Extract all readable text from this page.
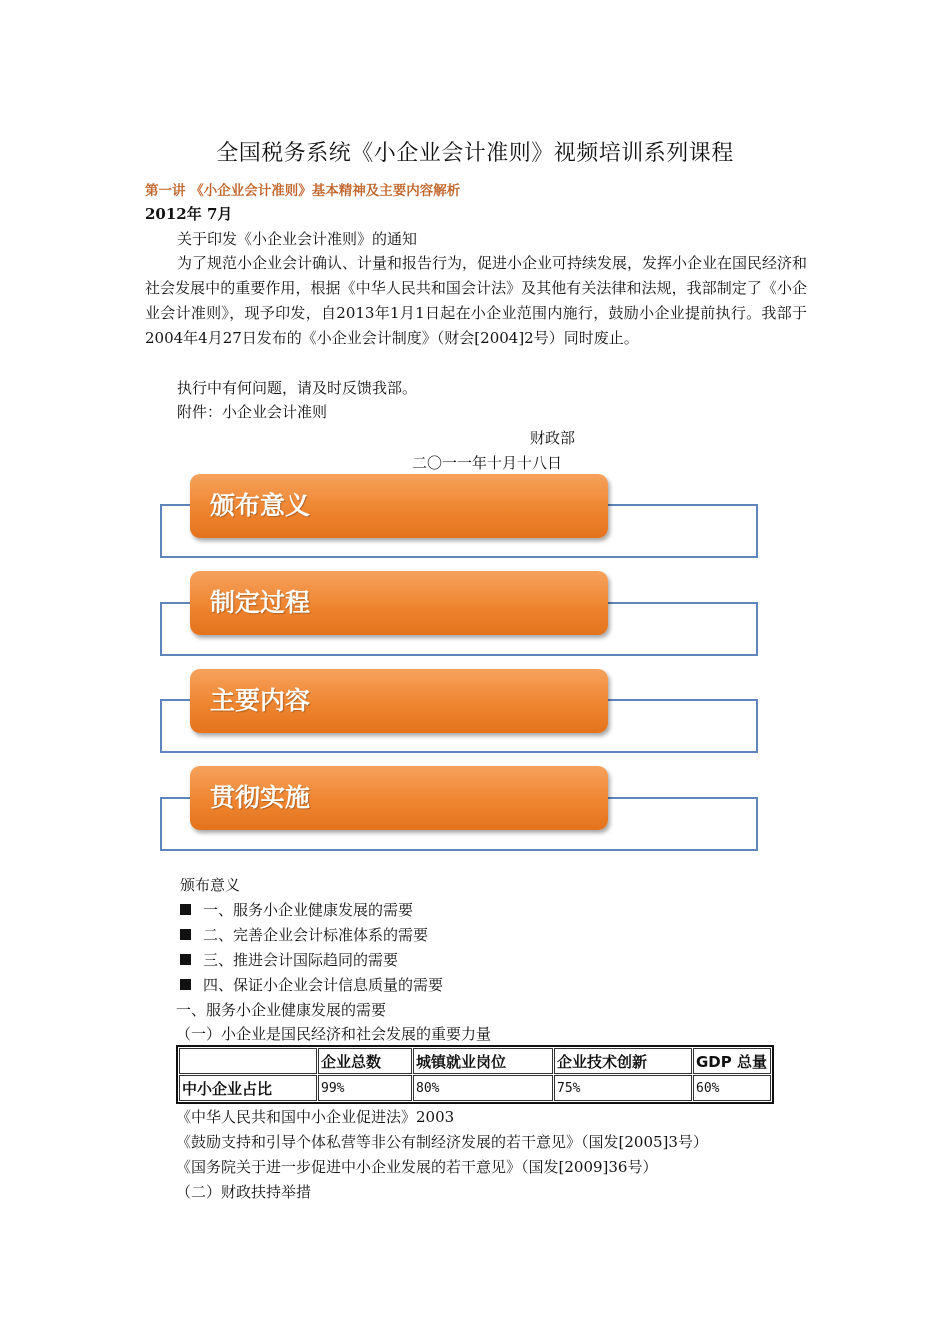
全国税务系统《小企业会计准则》视频培训系列课程
第一讲 《小企业会计准则》基本精神及主要内容解析
2012年 7月
关于印发《小企业会计准则》的通知
为了规范小企业会计确认、计量和报告行为，促进小企业可持续发展，发挥小企业在国民经济和社会发展中的重要作用，根据《中华人民共和国会计法》及其他有关法律和法规，我部制定了《小企业会计准则》，现予印发，自2013年1月1日起在小企业范围内施行，鼓励小企业提前执行。我部于2004年4月27日发布的《小企业会计制度》（财会[2004]2号）同时废止。
执行中有何问题，请及时反馈我部。
附件：小企业会计准则
财政部
二〇一一年十月十八日
颁布意义
制定过程
主要内容
贯彻实施
颁布意义
一、服务小企业健康发展的需要
二、完善企业会计标准体系的需要
三、推进会计国际趋同的需要
四、保证小企业会计信息质量的需要
一、服务小企业健康发展的需要
（一）小企业是国民经济和社会发展的重要力量
	企业总数	城镇就业岗位	企业技术创新	GDP 总量
中小企业占比	99%	80%	75%	60%
《中华人民共和国中小企业促进法》2003
《鼓励支持和引导个体私营等非公有制经济发展的若干意见》（国发[2005]3号）
《国务院关于进一步促进中小企业发展的若干意见》（国发[2009]36号）
（二）财政扶持举措
